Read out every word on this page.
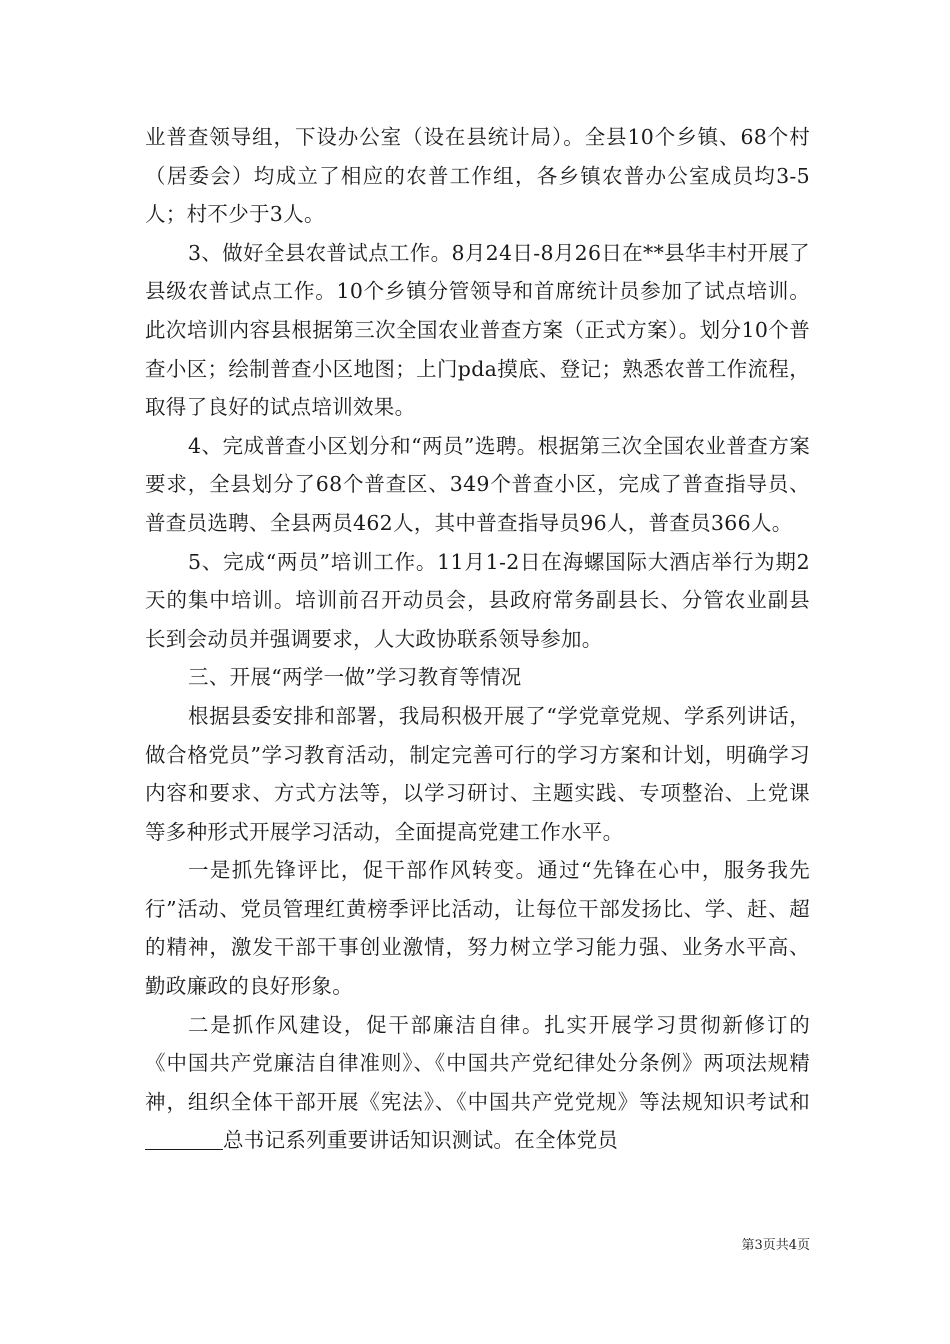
业普查领导组，下设办公室（设在县统计局）。全县10个乡镇、68个村（居委会）均成立了相应的农普工作组，各乡镇农普办公室成员均3-5人；村不少于3人。

3、做好全县农普试点工作。8月24日-8月26日在**县华丰村开展了县级农普试点工作。10个乡镇分管领导和首席统计员参加了试点培训。此次培训内容县根据第三次全国农业普查方案（正式方案）。划分10个普查小区；绘制普查小区地图；上门pda摸底、登记；熟悉农普工作流程，取得了良好的试点培训效果。

4、完成普查小区划分和“两员”选聘。根据第三次全国农业普查方案要求，全县划分了68个普查区、349个普查小区，完成了普查指导员、普查员选聘、全县两员462人，其中普查指导员96人，普查员366人。

5、完成“两员”培训工作。11月1-2日在海螺国际大酒店举行为期2天的集中培训。培训前召开动员会，县政府常务副县长、分管农业副县长到会动员并强调要求，人大政协联系领导参加。

三、开展“两学一做”学习教育等情况

根据县委安排和部署，我局积极开展了“学党章党规、学系列讲话，做合格党员”学习教育活动，制定完善可行的学习方案和计划，明确学习内容和要求、方式方法等，以学习研讨、主题实践、专项整治、上党课等多种形式开展学习活动，全面提高党建工作水平。

一是抓先锋评比，促干部作风转变。通过“先锋在心中，服务我先行”活动、党员管理红黄榜季评比活动，让每位干部发扬比、学、赶、超的精神，激发干部干事创业激情，努力树立学习能力强、业务水平高、勤政廉政的良好形象。

二是抓作风建设，促干部廉洁自律。扎实开展学习贯彻新修订的《中国共产党廉洁自律准则》、《中国共产党纪律处分条例》两项法规精神，组织全体干部开展《宪法》、《中国共产党党规》等法规知识考试和总书记系列重要讲话知识测试。在全体党员

第3页共4页
